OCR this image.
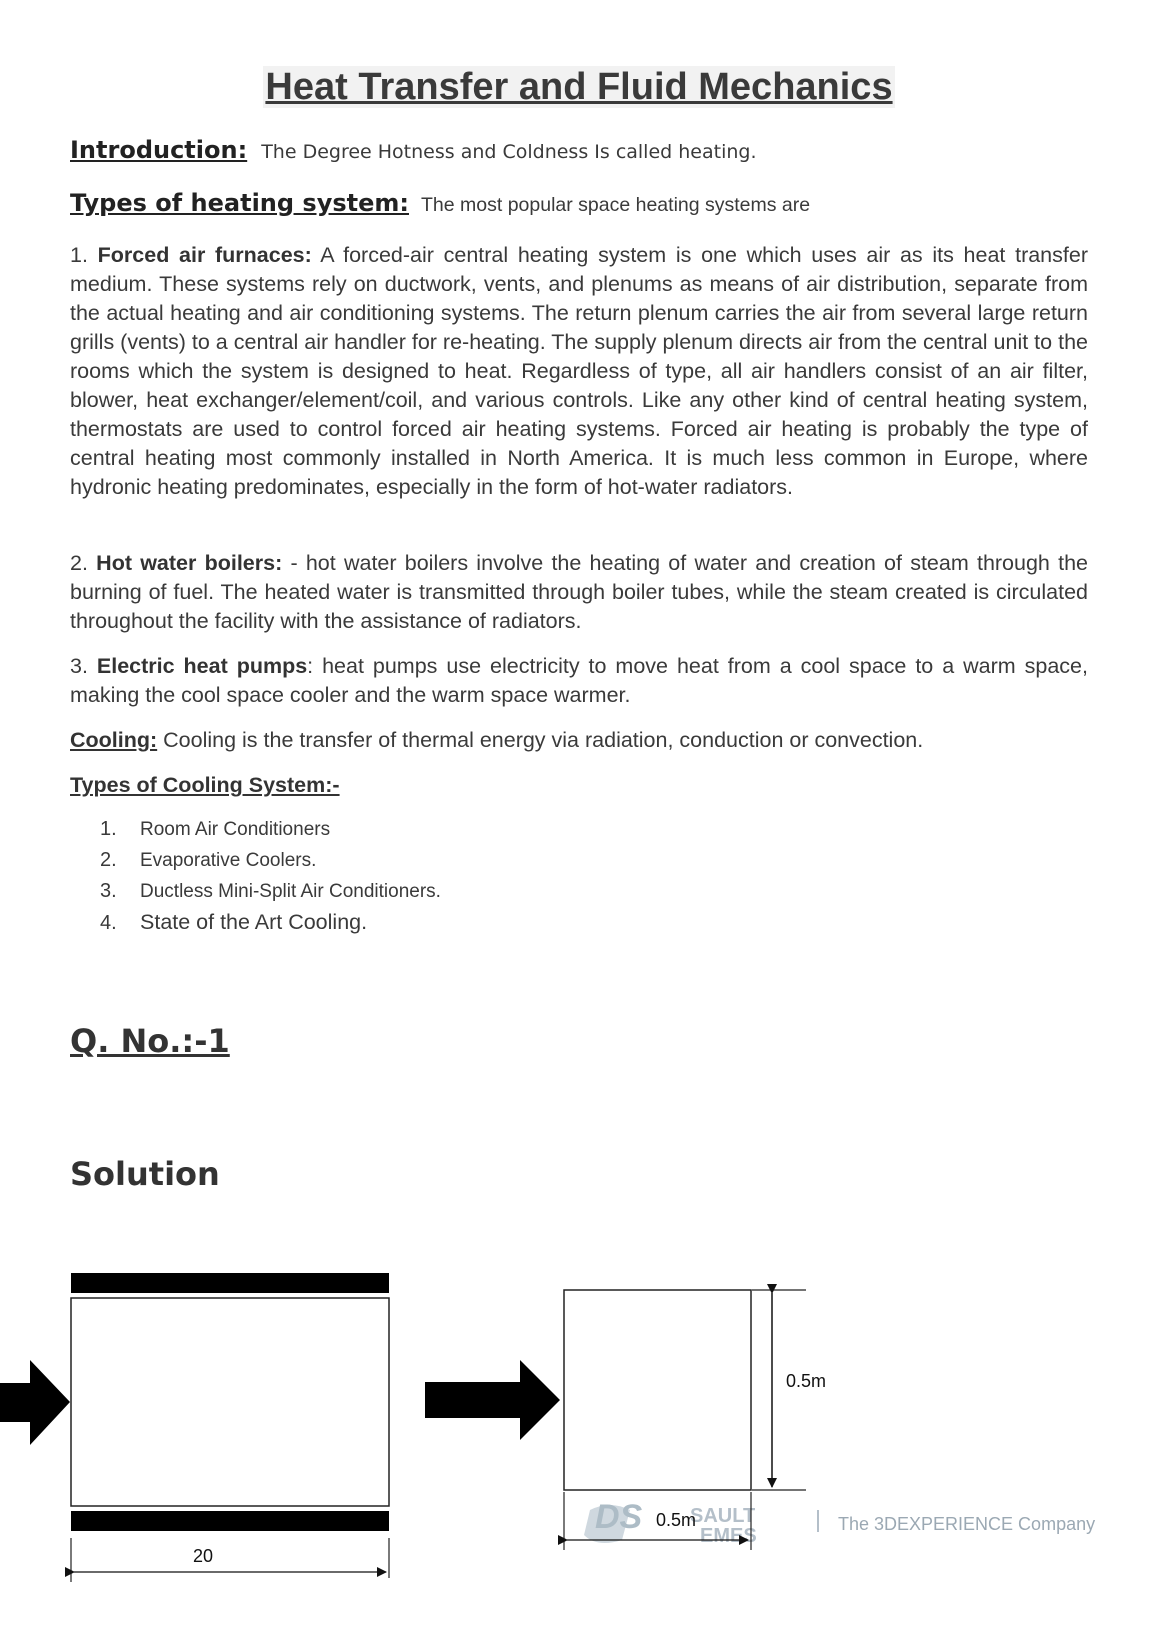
Heat Transfer and Fluid Mechanics

Introduction: The Degree Hotness and Coldness Is called heating.

Types of heating system: The most popular space heating systems are

1. Forced air furnaces: A forced-air central heating system is one which uses air as its heat transfer medium. These systems rely on ductwork, vents, and plenums as means of air distribution, separate from the actual heating and air conditioning systems. The return plenum carries the air from several large return grills (vents) to a central air handler for re-heating. The supply plenum directs air from the central unit to the rooms which the system is designed to heat. Regardless of type, all air handlers consist of an air filter, blower, heat exchanger/element/coil, and various controls. Like any other kind of central heating system, thermostats are used to control forced air heating systems. Forced air heating is probably the type of central heating most commonly installed in North America. It is much less common in Europe, where hydronic heating predominates, especially in the form of hot-water radiators.

2. Hot water boilers: - hot water boilers involve the heating of water and creation of steam through the burning of fuel. The heated water is transmitted through boiler tubes, while the steam created is circulated throughout the facility with the assistance of radiators.

3. Electric heat pumps: heat pumps use electricity to move heat from a cool space to a warm space, making the cool space cooler and the warm space warmer.

Cooling: Cooling is the transfer of thermal energy via radiation, conduction or convection.

Types of Cooling System:-

1. Room Air Conditioners
2. Evaporative Coolers.
3. Ductless Mini-Split Air Conditioners.
4. State of the Art Cooling.
Q. No.:-1
Solution
DS SAULT
EMES
The 3DEXPERIENCE Company
20
0.5m
0.5m
